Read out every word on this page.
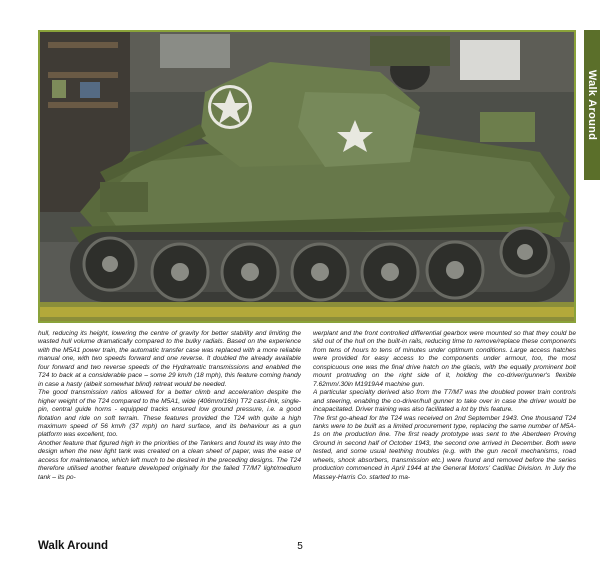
Walk Around

hull, reducing its height, lowering the centre of gravity for better stability and limiting the wasted hull volume dramatically compared to the bulky radials. Based on the experience with the M5A1 power train, the automatic transfer case was replaced with a more reliable manual one, with two speeds forward and one reverse. It doubled the already available four forward and two reverse speeds of the Hydramatic transmissions and enabled the T24 to back at a considerable pace – some 29 km/h (18 mph), this feature coming handy in case a hasty (albeit somewhat blind) retreat would be needed.

The good transmission ratios allowed for a better climb and acceleration despite the higher weight of the T24 compared to the M5A1, wide (406mm/16in) T72 cast-link, single-pin, central guide horns - equipped tracks ensured low ground pressure, i.e. a good flotation and ride on soft terrain. These features provided the T24 with quite a high maximum speed of 56 km/h (37 mph) on hard surface, and its behaviour as a gun platform was excellent, too.

Another feature that figured high in the priorities of the Tankers and found its way into the design when the new light tank was created on a clean sheet of paper, was the ease of access for maintenance, which left much to be desired in the preceding designs. The T24 therefore utilised another feature developed originally for the failed T7/M7 light/medium tank – its po-

werplant and the front controlled differential gearbox were mounted so that they could be slid out of the hull on the built-in rails, reducing time to remove/replace these components from tens of hours to tens of minutes under optimum conditions. Large access hatches were provided for easy access to the components under armour, too, the most conspicuous one was the final drive hatch on the glacis, with the equally prominent bolt mount protruding on the right side of it, holding the co-driver/gunner's flexible 7.62mm/.30in M1919A4 machine gun.

A particular specialty derived also from the T7/M7 was the doubled power train controls and steering, enabling the co-driver/hull gunner to take over in case the driver would be incapacitated. Driver training was also facilitated a lot by this feature.

The first go-ahead for the T24 was received on 2nd September 1943. One thousand T24 tanks were to be built as a limited procurement type, replacing the same number of M5A-1s on the production line. The first ready prototype was sent to the Aberdeen Proving Ground in second half of October 1943, the second one arrived in December. Both were tested, and some usual teething troubles (e.g. with the gun recoil mechanisms, road wheels, shock absorbers, transmission etc.) were found and removed before the series production commenced in April 1944 at the General Motors' Cadillac Division. In July the Massey-Harris Co. started to ma-

Walk Around	5
